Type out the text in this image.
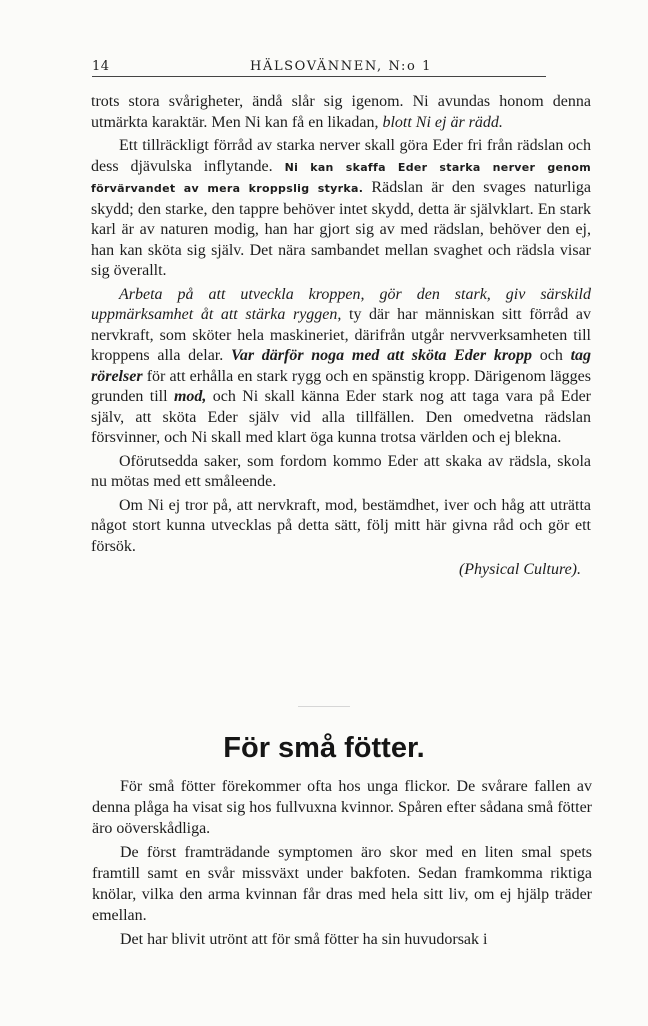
14	HÄLSOVÄNNEN, N:o 1

trots stora svårigheter, ändå slår sig igenom. Ni avundas honom denna utmärkta karaktär. Men Ni kan få en likadan, blott Ni ej är rädd.

Ett tillräckligt förråd av starka nerver skall göra Eder fri från rädslan och dess djävulska inflytande. Ni kan skaffa Eder starka nerver genom förvärvandet av mera kroppslig styrka. Rädslan är den svages naturliga skydd; den starke, den tappre behöver intet skydd, detta är självklart. En stark karl är av naturen modig, han har gjort sig av med rädslan, behöver den ej, han kan sköta sig själv. Det nära sambandet mellan svaghet och rädsla visar sig överallt.

Arbeta på att utveckla kroppen, gör den stark, giv särskild uppmärksamhet åt att stärka ryggen, ty där har människan sitt förråd av nervkraft, som sköter hela maskineriet, därifrån utgår nervverksamheten till kroppens alla delar. Var därför noga med att sköta Eder kropp och tag rörelser för att erhålla en stark rygg och en spänstig kropp. Därigenom lägges grunden till mod, och Ni skall känna Eder stark nog att taga vara på Eder själv, att sköta Eder själv vid alla tillfällen. Den omedvetna rädslan försvinner, och Ni skall med klart öga kunna trotsa världen och ej blekna.

Oförutsedda saker, som fordom kommo Eder att skaka av rädsla, skola nu mötas med ett småleende.

Om Ni ej tror på, att nervkraft, mod, bestämdhet, iver och håg att uträtta något stort kunna utvecklas på detta sätt, följ mitt här givna råd och gör ett försök.

(Physical Culture).

För små fötter.

För små fötter förekommer ofta hos unga flickor. De svårare fallen av denna plåga ha visat sig hos fullvuxna kvinnor. Spåren efter sådana små fötter äro oöverskådliga.

De först framträdande symptomen äro skor med en liten smal spets framtill samt en svår missväxt under bakfoten. Sedan framkomma riktiga knölar, vilka den arma kvinnan får dras med hela sitt liv, om ej hjälp träder emellan.

Det har blivit utrönt att för små fötter ha sin huvudorsak i
